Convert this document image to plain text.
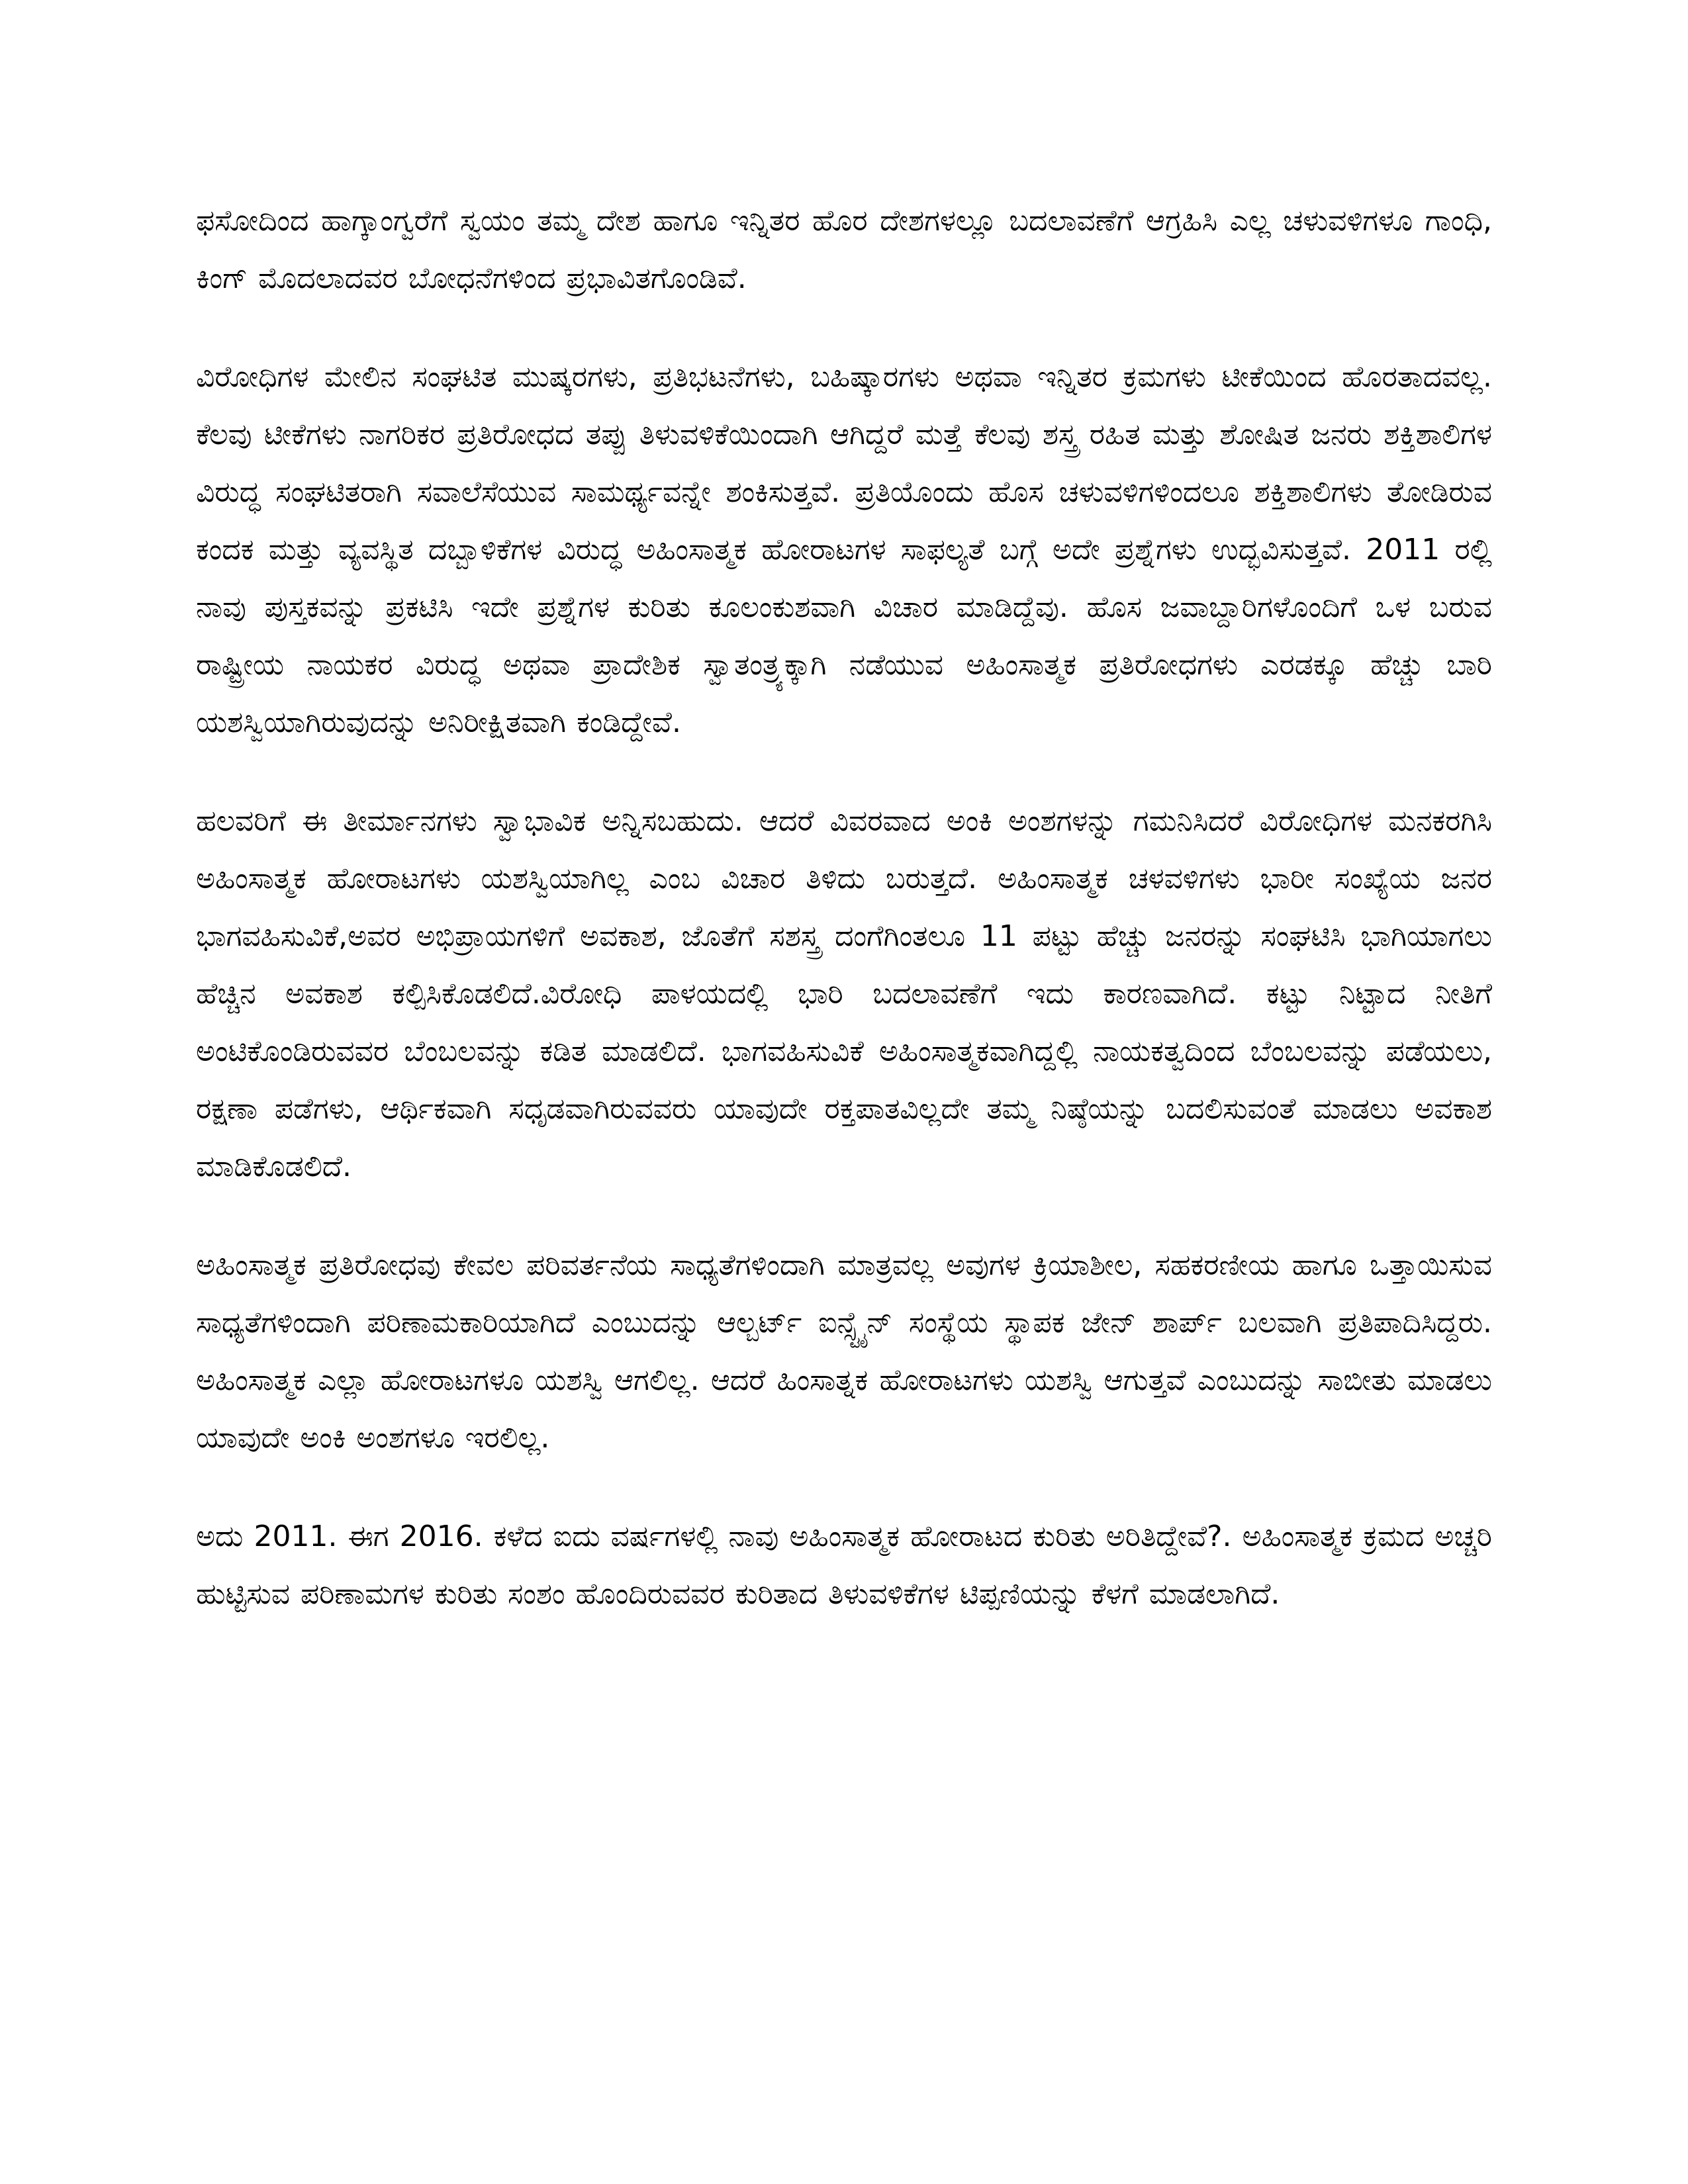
ಫಸೋದಿಂದ ಹಾಗ್ಕಾಂಗ್ವರೆಗೆ ಸ್ವಯಂ ತಮ್ಮ ದೇಶ ಹಾಗೂ ಇನ್ನಿತರ ಹೊರ ದೇಶಗಳಲ್ಲೂ ಬದಲಾವಣೆಗೆ ಆಗ್ರಹಿಸಿ ಎಲ್ಲ ಚಳುವಳಿಗಳೂ ಗಾಂಧಿ, ಕಿಂಗ್ ಮೊದಲಾದವರ ಬೋಧನೆಗಳಿಂದ ಪ್ರಭಾವಿತಗೊಂಡಿವೆ.

ವಿರೋಧಿಗಳ ಮೇಲಿನ ಸಂಘಟಿತ ಮುಷ್ಕರಗಳು, ಪ್ರತಿಭಟನೆಗಳು, ಬಹಿಷ್ಕಾರಗಳು ಅಥವಾ ಇನ್ನಿತರ ಕ್ರಮಗಳು ಟೀಕೆಯಿಂದ ಹೊರತಾದವಲ್ಲ. ಕೆಲವು ಟೀಕೆಗಳು ನಾಗರಿಕರ ಪ್ರತಿರೋಧದ ತಪ್ಪು ತಿಳುವಳಿಕೆಯಿಂದಾಗಿ ಆಗಿದ್ದರೆ ಮತ್ತೆ ಕೆಲವು ಶಸ್ತ್ರ ರಹಿತ ಮತ್ತು ಶೋಷಿತ ಜನರು ಶಕ್ತಿಶಾಲಿಗಳ ವಿರುದ್ಧ ಸಂಘಟಿತರಾಗಿ ಸವಾಲೆಸೆಯುವ ಸಾಮರ್ಥ್ಯವನ್ನೇ ಶಂಕಿಸುತ್ತವೆ. ಪ್ರತಿಯೊಂದು ಹೊಸ ಚಳುವಳಿಗಳಿಂದಲೂ ಶಕ್ತಿಶಾಲಿಗಳು ತೋಡಿರುವ ಕಂದಕ ಮತ್ತು ವ್ಯವಸ್ಥಿತ ದಬ್ಬಾಳಿಕೆಗಳ ವಿರುದ್ಧ ಅಹಿಂಸಾತ್ಮಕ ಹೋರಾಟಗಳ ಸಾಫಲ್ಯತೆ ಬಗ್ಗೆ ಅದೇ ಪ್ರಶ್ನೆಗಳು ಉದ್ಭವಿಸುತ್ತವೆ. 2011 ರಲ್ಲಿ ನಾವು ಪುಸ್ತಕವನ್ನು ಪ್ರಕಟಿಸಿ ಇದೇ ಪ್ರಶ್ನೆಗಳ ಕುರಿತು ಕೂಲಂಕುಶವಾಗಿ ವಿಚಾರ ಮಾಡಿದ್ದೆವು. ಹೊಸ ಜವಾಬ್ದಾರಿಗಳೊಂದಿಗೆ ಒಳ ಬರುವ ರಾಷ್ಟ್ರೀಯ ನಾಯಕರ ವಿರುದ್ಧ ಅಥವಾ ಪ್ರಾದೇಶಿಕ ಸ್ವಾತಂತ್ರ್ಯಕ್ಕಾಗಿ ನಡೆಯುವ ಅಹಿಂಸಾತ್ಮಕ ಪ್ರತಿರೋಧಗಳು ಎರಡಕ್ಕೂ ಹೆಚ್ಚು ಬಾರಿ ಯಶಸ್ವಿಯಾಗಿರುವುದನ್ನು ಅನಿರೀಕ್ಷಿತವಾಗಿ ಕಂಡಿದ್ದೇವೆ.

ಹಲವರಿಗೆ ಈ ತೀರ್ಮಾನಗಳು ಸ್ವಾಭಾವಿಕ ಅನ್ನಿಸಬಹುದು. ಆದರೆ ವಿವರವಾದ ಅಂಕಿ ಅಂಶಗಳನ್ನು ಗಮನಿಸಿದರೆ ವಿರೋಧಿಗಳ ಮನಕರಗಿಸಿ ಅಹಿಂಸಾತ್ಮಕ ಹೋರಾಟಗಳು ಯಶಸ್ವಿಯಾಗಿಲ್ಲ ಎಂಬ ವಿಚಾರ ತಿಳಿದು ಬರುತ್ತದೆ. ಅಹಿಂಸಾತ್ಮಕ ಚಳವಳಿಗಳು ಭಾರೀ ಸಂಖ್ಯೆಯ ಜನರ ಭಾಗವಹಿಸುವಿಕೆ,ಅವರ ಅಭಿಪ್ರಾಯಗಳಿಗೆ ಅವಕಾಶ, ಜೊತೆಗೆ ಸಶಸ್ತ್ರ ದಂಗೆಗಿಂತಲೂ 11 ಪಟ್ಟು ಹೆಚ್ಚು ಜನರನ್ನು ಸಂಘಟಿಸಿ ಭಾಗಿಯಾಗಲು ಹೆಚ್ಚಿನ ಅವಕಾಶ ಕಲ್ಪಿಸಿಕೊಡಲಿದೆ.ವಿರೋಧಿ ಪಾಳಯದಲ್ಲಿ ಭಾರಿ ಬದಲಾವಣೆಗೆ ಇದು ಕಾರಣವಾಗಿದೆ. ಕಟ್ಟು ನಿಟ್ಟಾದ ನೀತಿಗೆ ಅಂಟಿಕೊಂಡಿರುವವರ ಬೆಂಬಲವನ್ನು ಕಡಿತ ಮಾಡಲಿದೆ. ಭಾಗವಹಿಸುವಿಕೆ ಅಹಿಂಸಾತ್ಮಕವಾಗಿದ್ದಲ್ಲಿ ನಾಯಕತ್ವದಿಂದ ಬೆಂಬಲವನ್ನು ಪಡೆಯಲು, ರಕ್ಷಣಾ ಪಡೆಗಳು, ಆರ್ಥಿಕವಾಗಿ ಸಧೃಡವಾಗಿರುವವರು ಯಾವುದೇ ರಕ್ತಪಾತವಿಲ್ಲದೇ ತಮ್ಮ ನಿಷ್ಠೆಯನ್ನು ಬದಲಿಸುವಂತೆ ಮಾಡಲು ಅವಕಾಶ ಮಾಡಿಕೊಡಲಿದೆ.

ಅಹಿಂಸಾತ್ಮಕ ಪ್ರತಿರೋಧವು ಕೇವಲ ಪರಿವರ್ತನೆಯ ಸಾಧ್ಯತೆಗಳಿಂದಾಗಿ ಮಾತ್ರವಲ್ಲ ಅವುಗಳ ಕ್ರಿಯಾಶೀಲ, ಸಹಕರಣೀಯ ಹಾಗೂ ಒತ್ತಾಯಿಸುವ ಸಾಧ್ಯತೆಗಳಿಂದಾಗಿ ಪರಿಣಾಮಕಾರಿಯಾಗಿದೆ ಎಂಬುದನ್ನು ಆಲ್ಬರ್ಟ್ ಐನ್ಸ್ಟೈನ್ ಸಂಸ್ಥೆಯ ಸ್ಥಾಪಕ ಜೇನ್ ಶಾರ್ಪ್ ಬಲವಾಗಿ ಪ್ರತಿಪಾದಿಸಿದ್ದರು. ಅಹಿಂಸಾತ್ಮಕ ಎಲ್ಲಾ ಹೋರಾಟಗಳೂ ಯಶಸ್ವಿ ಆಗಲಿಲ್ಲ. ಆದರೆ ಹಿಂಸಾತ್ನಕ ಹೋರಾಟಗಳು ಯಶಸ್ವಿ ಆಗುತ್ತವೆ ಎಂಬುದನ್ನು ಸಾಬೀತು ಮಾಡಲು ಯಾವುದೇ ಅಂಕಿ ಅಂಶಗಳೂ ಇರಲಿಲ್ಲ.

ಅದು 2011. ಈಗ 2016. ಕಳೆದ ಐದು ವರ್ಷಗಳಲ್ಲಿ ನಾವು ಅಹಿಂಸಾತ್ಮಕ ಹೋರಾಟದ ಕುರಿತು ಅರಿತಿದ್ದೇವೆ?. ಅಹಿಂಸಾತ್ಮಕ ಕ್ರಮದ ಅಚ್ಚರಿ ಹುಟ್ಟಿಸುವ ಪರಿಣಾಮಗಳ ಕುರಿತು ಸಂಶಂ ಹೊಂದಿರುವವರ ಕುರಿತಾದ ತಿಳುವಳಿಕೆಗಳ ಟಿಪ್ಪಣಿಯನ್ನು ಕೆಳಗೆ ಮಾಡಲಾಗಿದೆ.
